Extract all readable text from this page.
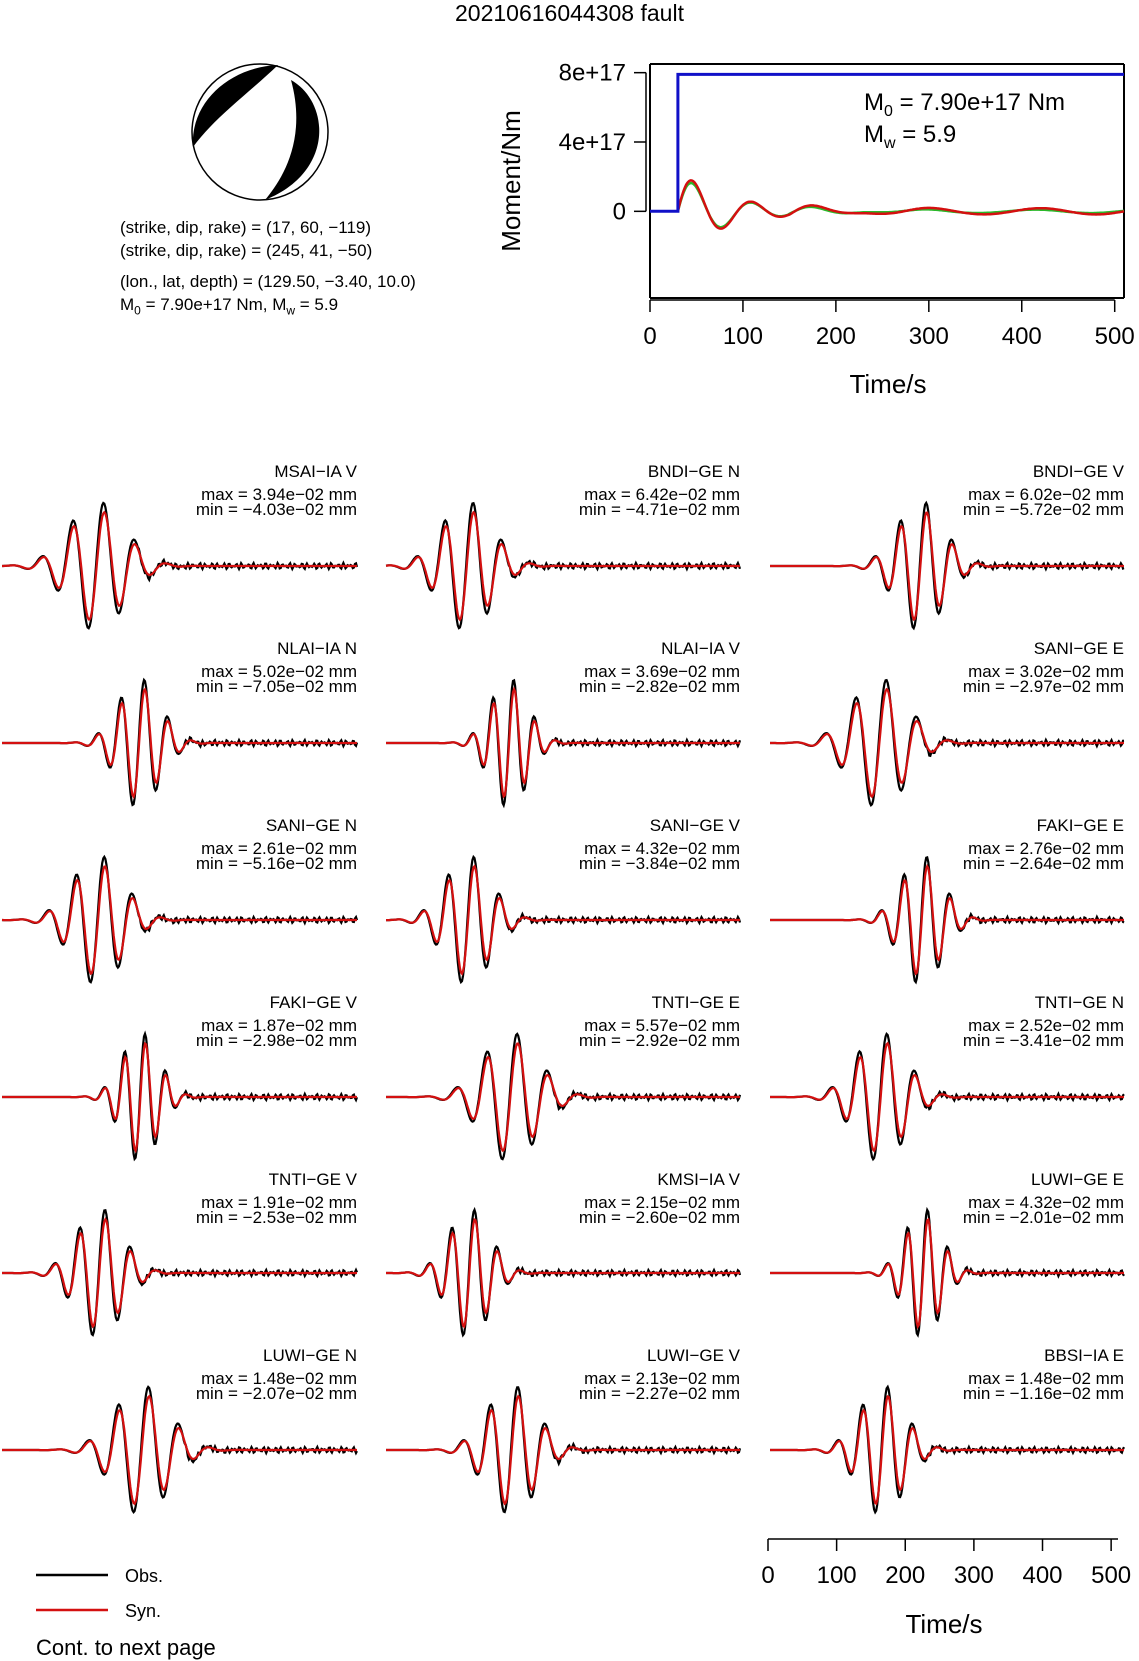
20210616044308 fault
(strike, dip, rake) = (17, 60, −119)
(strike, dip, rake) = (245, 41, −50)
(lon., lat, depth) = (129.50, −3.40, 10.0)
$M_0 = 7.90e+17$ Nm, $M_w = 5.9$
0	100 200 300 400 500
Time/s
0
4e+17
8e+17
Moment/Nm
$M_0 = 7.90e+17$ Nm
$M_w = 5.9$
MSAI−IA V
max = 3.94e−02 mm
min = −4.03e−02 mm
BNDI−GE N
max = 6.42e−02 mm
min = −4.71e−02 mm
BNDI−GE V
max = 6.02e−02 mm
min = −5.72e−02 mm
NLAI−IA N
max = 5.02e−02 mm
min = −7.05e−02 mm
NLAI−IA V
max = 3.69e−02 mm
min = −2.82e−02 mm
SANI−GE E
max = 3.02e−02 mm
min = −2.97e−02 mm
SANI−GE N
max = 2.61e−02 mm
min = −5.16e−02 mm
SANI−GE V
max = 4.32e−02 mm
min = −3.84e−02 mm
FAKI−GE E
max = 2.76e−02 mm
min = −2.64e−02 mm
FAKI−GE V
max = 1.87e−02 mm
min = −2.98e−02 mm
TNTI−GE E
max = 5.57e−02 mm
min = −2.92e−02 mm
TNTI−GE N
max = 2.52e−02 mm
min = −3.41e−02 mm
TNTI−GE V
max = 1.91e−02 mm
min = −2.53e−02 mm
KMSI−IA V
max = 2.15e−02 mm
min = −2.60e−02 mm
LUWI−GE E
max = 4.32e−02 mm
min = −2.01e−02 mm
LUWI−GE N
max = 1.48e−02 mm
min = −2.07e−02 mm
LUWI−GE V
max = 2.13e−02 mm
min = −2.27e−02 mm
BBSI−IA E
max = 1.48e−02 mm
min = −1.16e−02 mm
0 100 200 300 400 500
Time/s
Obs.
Syn.
Cont. to next page
